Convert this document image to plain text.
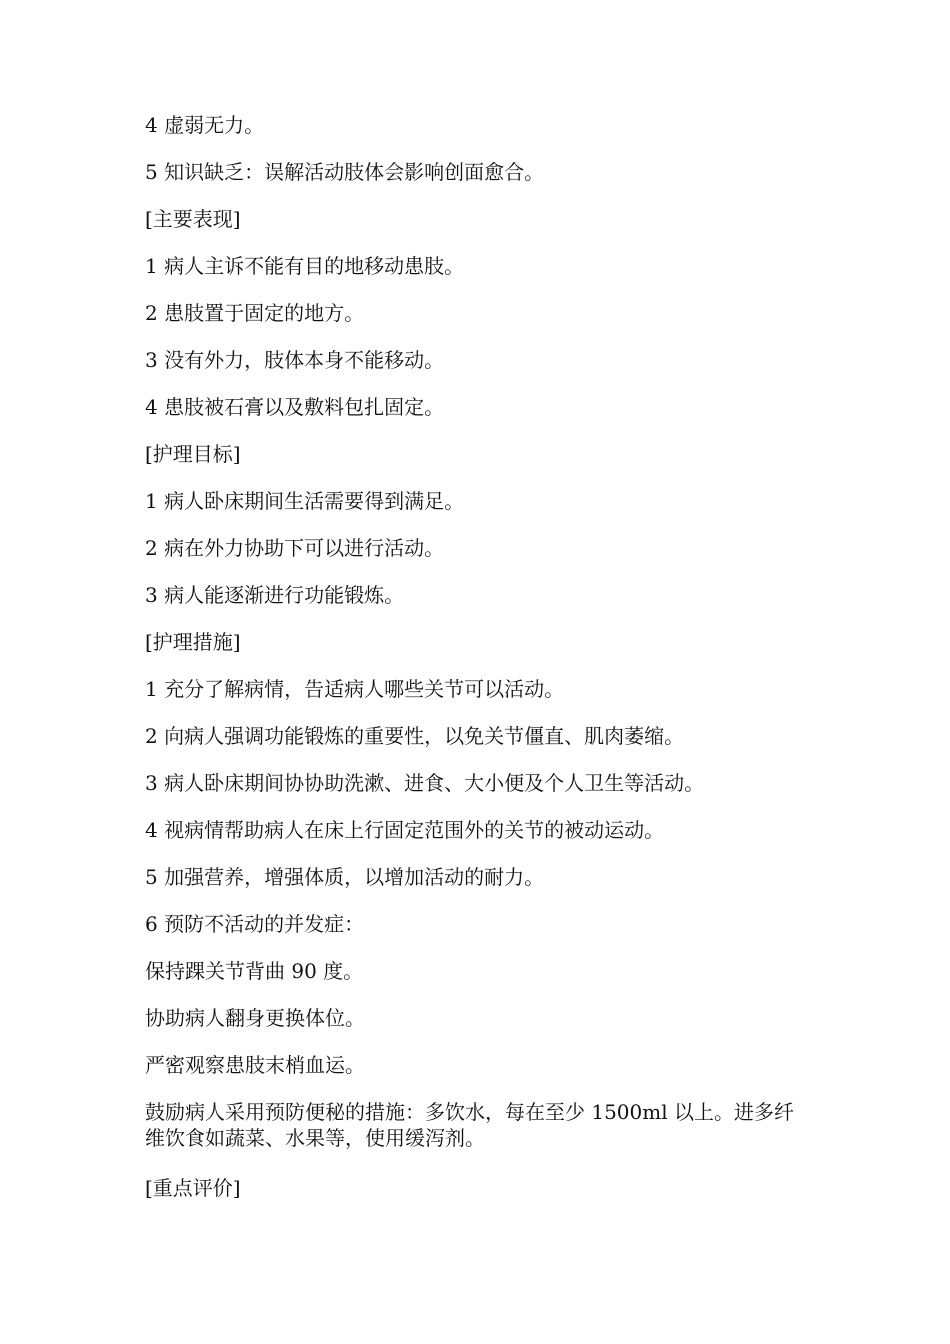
4 虚弱无力。

5 知识缺乏：误解活动肢体会影响创面愈合。

[主要表现]

1 病人主诉不能有目的地移动患肢。

2 患肢置于固定的地方。

3 没有外力，肢体本身不能移动。

4 患肢被石膏以及敷料包扎固定。

[护理目标]

1 病人卧床期间生活需要得到满足。

2 病在外力协助下可以进行活动。

3 病人能逐渐进行功能锻炼。

[护理措施]

1 充分了解病情，告适病人哪些关节可以活动。

2 向病人强调功能锻炼的重要性，以免关节僵直、肌肉萎缩。

3 病人卧床期间协协助洗漱、进食、大小便及个人卫生等活动。

4 视病情帮助病人在床上行固定范围外的关节的被动运动。

5 加强营养，增强体质，以增加活动的耐力。

6 预防不活动的并发症：

保持踝关节背曲 90 度。

协助病人翻身更换体位。

严密观察患肢末梢血运。

鼓励病人采用预防便秘的措施：多饮水，每在至少 1500ml 以上。进多纤维饮食如蔬菜、水果等，使用缓泻剂。

[重点评价]
